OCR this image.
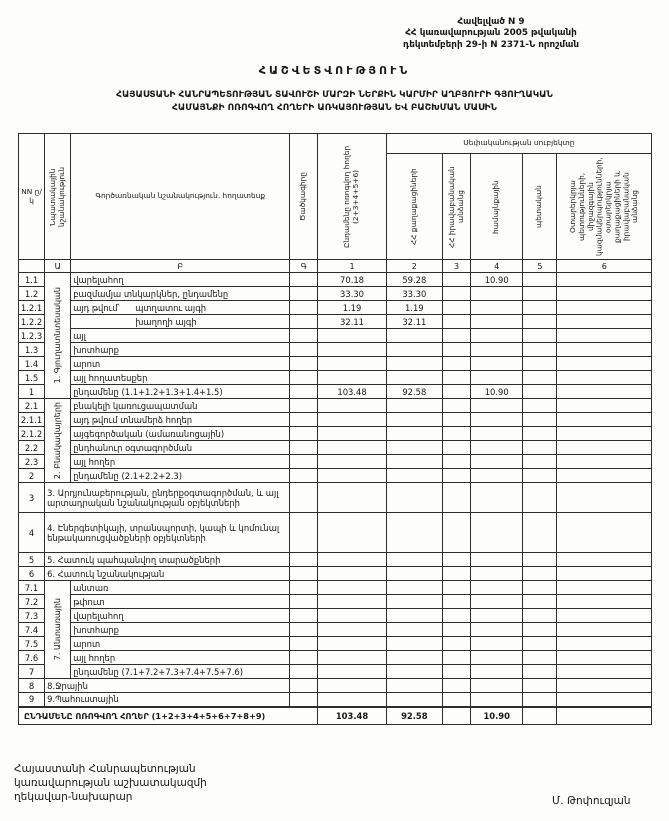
Հավելված N 9
ՀՀ կառավարության 2005 թվականի
դեկտեմբերի 29-ի N 2371-Ն որոշման
ՀԱՇՎԵՏՎՈՒԹՅՈՒՆ
ՀԱՅԱՍՏԱՆԻ ՀԱՆՐԱՊԵՏՈՒԹՅԱՆ ՏԱՎՈՒՇԻ ՄԱՐԶԻ ՆԵՐՔԻՆ ԿԱՐՄԻՐ ԱՂԲՅՈՒՐԻ ԳՅՈՒՂԱԿԱՆ
ՀԱՄԱՅՆՔԻ ՈՌՈԳՎՈՂ ՀՈՂԵՐԻ ԱՌԿԱՅՈՒԹՅԱՆ ԵՎ ԲԱՇԽՄԱՆ ՄԱՍԻՆ
NN ը/կ	Նպատակային նշանակություն	Գործառնական նշանակություն. հողատեսք	Ծածկագիրը	Ընդամենը ոռոգվող հողեր (2+3+4+5+6)	Սեփականության սուբյեկտը				

					ՀՀ քաղաքացիների	ՀՀ իրավաբանական անձանց	համայնքային	պետական	Օտարերկրյա պետությունների, միջազգային կազմակերպությունների, օտարերկրյա քաղաքացիների և իրավաբանական անձանց

	Ա	Բ	Գ	1	2	3	4	5	6
1.1	1. Գյուղատնտեսական	վարելահող		70.18	59.28		10.90		
1.2		բազմամյա տնկարկներ, ընդամենը		33.30	33.30				
1.2.1		այդ թվում՝ պտղատու այգի		1.19	1.19				
1.2.2		խաղողի այգի		32.11	32.11				
1.2.3		այլ							

1.3		խոտհարք							

1.4		արոտ							

1.5		այլ հողատեսքեր							

1		ընդամենը (1.1+1.2+1.3+1.4+1.5)		103.48	92.58		10.90		
2.1	2. Բնակավայրերի	բնակելի կառուցապատման							

2.1.1		այդ թվում տնամերձ հողեր							

2.1.2		այգեգործական (ամառանոցային)							

2.2		ընդհանուր օգտագործման							

2.3		այլ հողեր							

2		ընդամենը (2.1+2.2+2.3)							

3	3. Արդյունաբերության, ընդերքօգտագործման, և այլ արտադրական նշանակության օբյեկտների								

4	4. Էներգետիկայի, տրանսպորտի, կապի և կոմունալ ենթակառուցվածքների օբյեկտների								

5	5. Հատուկ պահպանվող տարածքների								

6	6. Հատուկ նշանակության								

7.1	7. Անտառային	անտառ							

7.2		թփուտ							

7.3		վարելահող							

7.4		խոտհարք							

7.5		արոտ							

7.6		այլ հողեր							

7		ընդամենը (7.1+7.2+7.3+7.4+7.5+7.6)							

8	8.Ջրային								

9	9.Պահուստային								

ԸՆԴԱՄԵՆԸ ՈՌՈԳՎՈՂ ՀՈՂԵՐ (1+2+3+4+5+6+7+8+9)				103.48	92.58		10.90		
Հայաստանի Հանրապետության
կառավարության աշխատակազմի
ղեկավար-նախարար	Մ. Թոփուզյան
